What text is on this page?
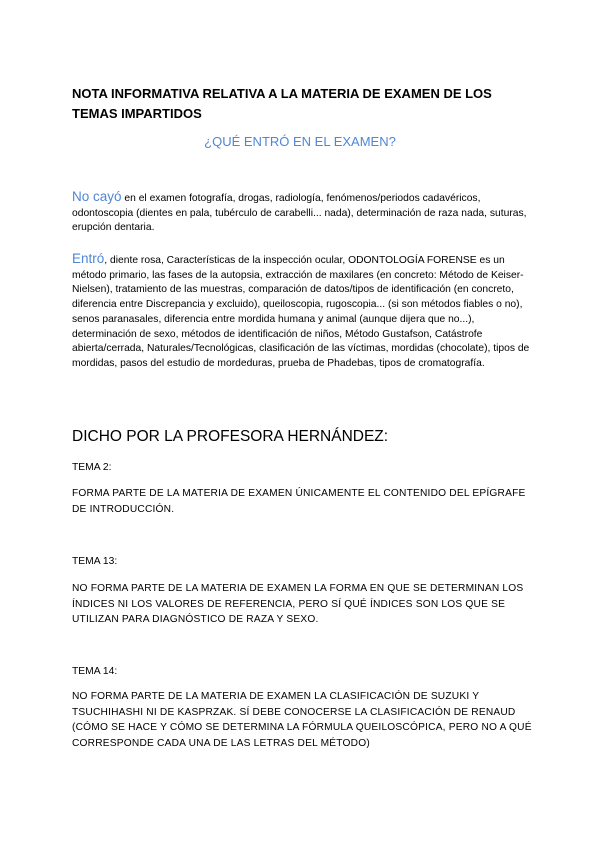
NOTA INFORMATIVA RELATIVA A LA MATERIA DE EXAMEN DE LOS TEMAS IMPARTIDOS
¿QUÉ ENTRÓ EN EL EXAMEN?
No cayó en el examen fotografía, drogas, radiología, fenómenos/periodos cadavéricos, odontoscopia (dientes en pala, tubérculo de carabelli... nada), determinación de raza nada, suturas, erupción dentaria.
Entró, diente rosa, Características de la inspección ocular, ODONTOLOGÍA FORENSE es un método primario, las fases de la autopsia, extracción de maxilares (en concreto: Método de Keiser-Nielsen), tratamiento de las muestras, comparación de datos/tipos de identificación (en concreto, diferencia entre Discrepancia y excluido), queiloscopia, rugoscopia... (si son métodos fiables o no), senos paranasales, diferencia entre mordida humana y animal (aunque dijera que no...), determinación de sexo, métodos de identificación de niños, Método Gustafson, Catástrofe abierta/cerrada, Naturales/Tecnológicas, clasificación de las víctimas, mordidas (chocolate), tipos de mordidas, pasos del estudio de mordeduras, prueba de Phadebas, tipos de cromatografía.
DICHO POR LA PROFESORA HERNÁNDEZ:
TEMA 2:
FORMA PARTE DE LA MATERIA DE EXAMEN ÚNICAMENTE EL CONTENIDO DEL EPÍGRAFE DE INTRODUCCIÓN.
TEMA 13:
NO FORMA PARTE DE LA MATERIA DE EXAMEN LA FORMA EN QUE SE DETERMINAN LOS ÍNDICES NI LOS VALORES DE REFERENCIA, PERO SÍ QUÉ ÍNDICES SON LOS QUE SE UTILIZAN PARA DIAGNÓSTICO DE RAZA Y SEXO.
TEMA 14:
NO FORMA PARTE DE LA MATERIA DE EXAMEN LA CLASIFICACIÓN DE SUZUKI Y TSUCHIHASHI NI DE KASPRZAK. SÍ DEBE CONOCERSE LA CLASIFICACIÓN DE RENAUD (CÓMO SE HACE Y CÓMO SE DETERMINA LA FÓRMULA QUEILOSCÓPICA, PERO NO A QUÉ CORRESPONDE CADA UNA DE LAS LETRAS DEL MÉTODO)
